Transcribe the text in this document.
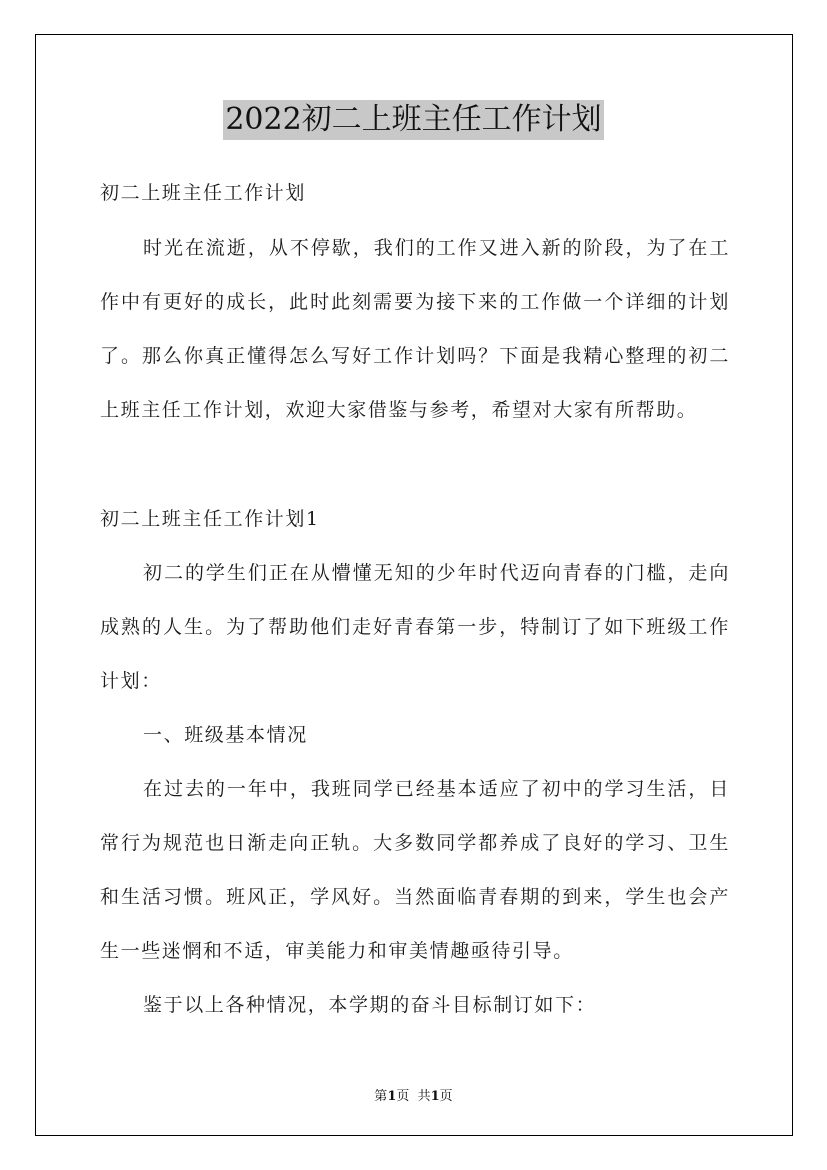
2022初二上班主任工作计划
初二上班主任工作计划
时光在流逝，从不停歇，我们的工作又进入新的阶段，为了在工
作中有更好的成长，此时此刻需要为接下来的工作做一个详细的计划
了。那么你真正懂得怎么写好工作计划吗？下面是我精心整理的初二
上班主任工作计划，欢迎大家借鉴与参考，希望对大家有所帮助。
初二上班主任工作计划1
初二的学生们正在从懵懂无知的少年时代迈向青春的门槛，走向
成熟的人生。为了帮助他们走好青春第一步，特制订了如下班级工作
计划：
一、班级基本情况
在过去的一年中，我班同学已经基本适应了初中的学习生活，日
常行为规范也日渐走向正轨。大多数同学都养成了良好的学习、卫生
和生活习惯。班风正，学风好。当然面临青春期的到来，学生也会产
生一些迷惘和不适，审美能力和审美情趣亟待引导。
鉴于以上各种情况，本学期的奋斗目标制订如下：
第1页  共1页
